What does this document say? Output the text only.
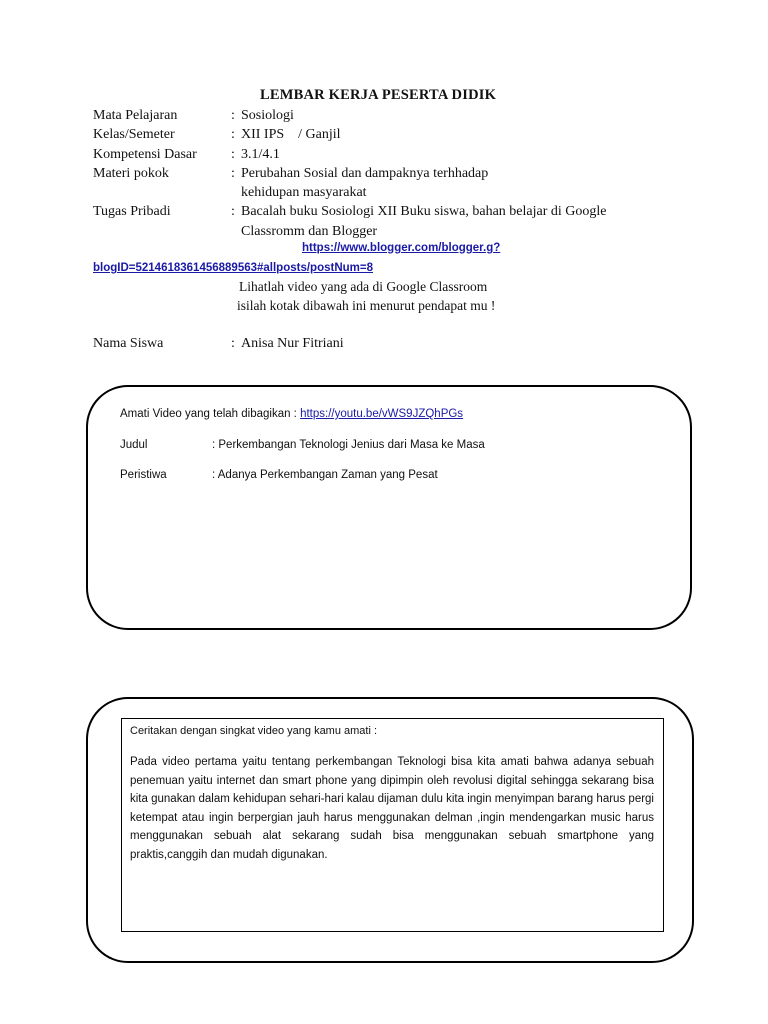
LEMBAR KERJA PESERTA DIDIK
Mata Pelajaran	: Sosiologi
Kelas/Semeter	: XII IPS    / Ganjil
Kompetensi Dasar : 3.1/4.1
Materi pokok	: Perubahan Sosial dan dampaknya terhhadap
kehidupan masyarakat
Tugas Pribadi	: Bacalah buku Sosiologi XII Buku siswa, bahan belajar di Google
Classromm dan Blogger
https://www.blogger.com/blogger.g?
blogID=5214618361456889563#allposts/postNum=8
Lihatlah video yang ada di Google Classroom
isilah kotak dibawah ini menurut pendapat mu !
Nama Siswa	: Anisa Nur Fitriani
Amati Video yang telah dibagikan : https://youtu.be/vWS9JZQhPGs
Judul	: Perkembangan Teknologi Jenius dari Masa ke Masa
Peristiwa	: Adanya Perkembangan Zaman yang Pesat
Ceritakan dengan singkat video yang kamu amati :
Pada video pertama yaitu tentang perkembangan Teknologi bisa kita amati bahwa adanya sebuah penemuan yaitu internet dan smart phone yang dipimpin oleh revolusi digital sehingga sekarang bisa kita gunakan dalam kehidupan sehari-hari kalau dijaman dulu kita ingin menyimpan barang harus pergi ketempat atau ingin berpergian jauh harus menggunakan delman ,ingin mendengarkan music harus menggunakan sebuah alat sekarang sudah bisa menggunakan sebuah smartphone yang praktis,canggih dan mudah digunakan.
